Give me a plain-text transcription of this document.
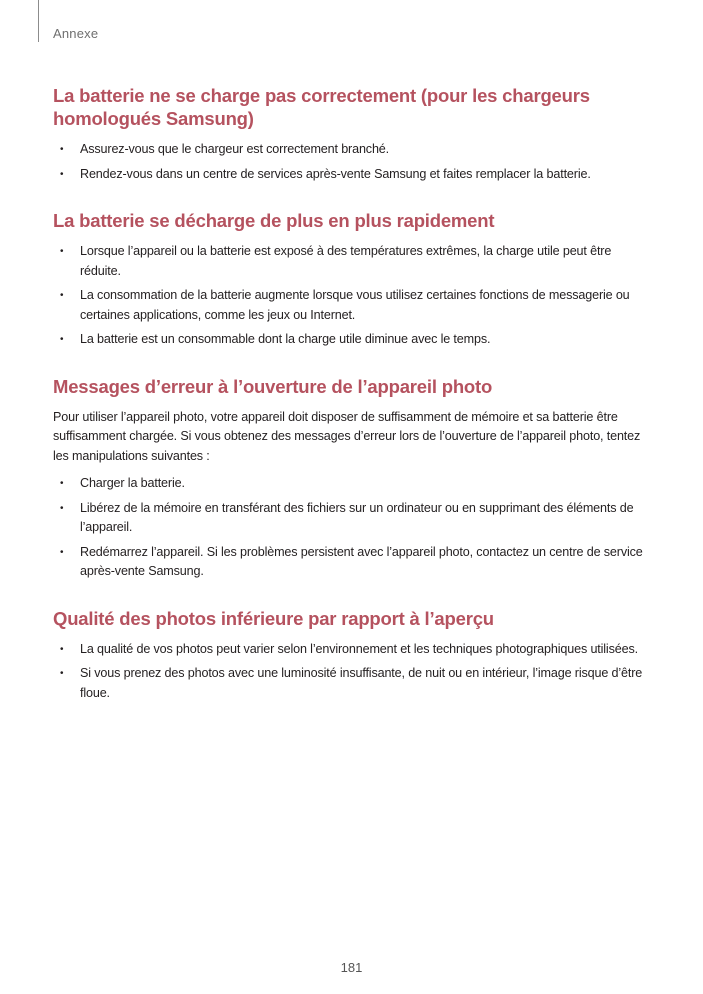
Annexe
La batterie ne se charge pas correctement (pour les chargeurs homologués Samsung)
• Assurez-vous que le chargeur est correctement branché.
• Rendez-vous dans un centre de services après-vente Samsung et faites remplacer la batterie.
La batterie se décharge de plus en plus rapidement
• Lorsque l’appareil ou la batterie est exposé à des températures extrêmes, la charge utile peut être réduite.
• La consommation de la batterie augmente lorsque vous utilisez certaines fonctions de messagerie ou certaines applications, comme les jeux ou Internet.
• La batterie est un consommable dont la charge utile diminue avec le temps.
Messages d’erreur à l’ouverture de l’appareil photo

Pour utiliser l’appareil photo, votre appareil doit disposer de suffisamment de mémoire et sa batterie être suffisamment chargée. Si vous obtenez des messages d’erreur lors de l’ouverture de l’appareil photo, tentez les manipulations suivantes :

• Charger la batterie.
• Libérez de la mémoire en transférant des fichiers sur un ordinateur ou en supprimant des éléments de l’appareil.
• Redémarrez l’appareil. Si les problèmes persistent avec l’appareil photo, contactez un centre de service après-vente Samsung.
Qualité des photos inférieure par rapport à l’aperçu
• La qualité de vos photos peut varier selon l’environnement et les techniques photographiques utilisées.
• Si vous prenez des photos avec une luminosité insuffisante, de nuit ou en intérieur, l’image risque d’être floue.
181
